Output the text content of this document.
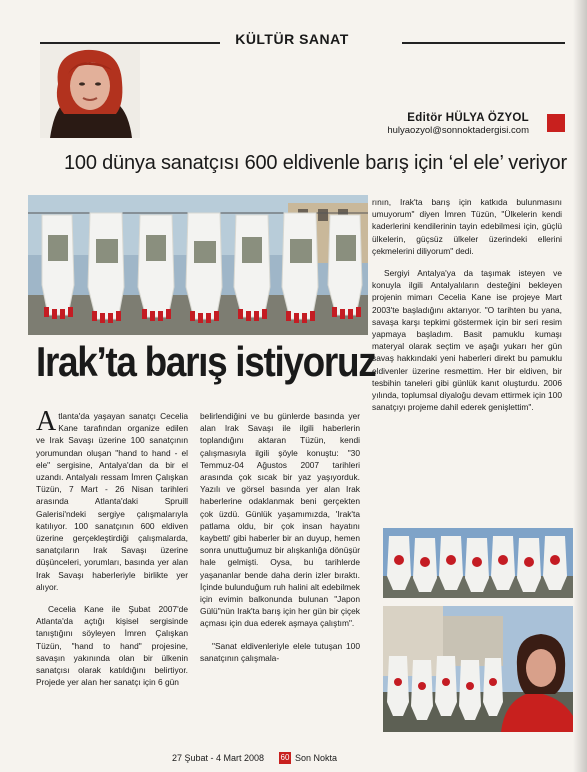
KÜLTÜR SANAT
Editör HÜLYA ÖZYOL
hulyaozyol@sonnoktadergisi.com
100 dünya sanatçısı 600 eldivenle barış için ‘el ele’ veriyor
Irak’ta barış istiyoruz

Atlanta'da yaşayan sanatçı Cecelia Kane tarafından organize edilen ve Irak Savaşı üzerine 100 sanatçının yorumundan oluşan "hand to hand - el ele" sergisine, Antalya'dan da bir el uzandı. Antalyalı ressam İmren Çalışkan Tüzün, 7 Mart - 26 Nisan tarihleri arasında Atlanta'daki Spruill Galerisi'ndeki sergiye çalışmalarıyla katılıyor. 100 sanatçının 600 eldiven üzerine gerçekleştirdiği çalışmalarda, sanatçıların Irak Savaşı üzerine düşünceleri, yorumları, basında yer alan Irak Savaşı haberleriyle birlikte yer alıyor.

Cecelia Kane ile Şubat 2007'de Atlanta'da açtığı kişisel sergisinde tanıştığını söyleyen İmren Çalışkan Tüzün, "hand to hand" projesine, savaşın yakınında olan bir ülkenin sanatçısı olarak katıldığını belirtiyor. Projede yer alan her sanatçı için 6 gün

belirlendiğini ve bu günlerde basında yer alan Irak Savaşı ile ilgili haberlerin toplandığını aktaran Tüzün, kendi çalışmasıyla ilgili şöyle konuştu: "30 Temmuz-04 Ağustos 2007 tarihleri arasında çok sıcak bir yaz yaşıyorduk. Yazılı ve görsel basında yer alan Irak haberlerine odaklanmak beni gerçekten çok üzdü. Günlük yaşamımızda, 'Irak'ta patlama oldu, bir çok insan hayatını kaybetti' gibi haberler bir an duyup, hemen sonra unuttuğumuz bir alışkanlığa dönüşür hale gelmişti. Oysa, bu tarihlerde yaşananlar bende daha derin izler bıraktı. İçinde bulunduğum ruh halini alt edebilmek için evimin balkonunda bulunan "Japon Gülü"nün Irak'ta barış için her gün bir çiçek açması için dua ederek aşmaya çalıştım".

"Sanat eldivenleriyle elele tutuşan 100 sanatçının çalışmala-

rının, Irak'ta barış için katkıda bulunmasını umuyorum" diyen İmren Tüzün, "Ülkelerin kendi kaderlerini kendilerinin tayin edebilmesi için, güçlü ülkelerin, güçsüz ülkeler üzerindeki ellerini çekmelerini diliyorum" dedi.

Sergiyi Antalya'ya da taşımak isteyen ve konuyla ilgili Antalyalıların desteğini bekleyen projenin mimarı Cecelia Kane ise projeye Mart 2003'te başladığını aktarıyor. "O tarihten bu yana, savaşa karşı tepkimi göstermek için bir seri resim yapmaya başladım. Basit pamuklu kumaşı materyal olarak seçtim ve aşağı yukarı her gün savaş hakkındaki yeni haberleri direkt bu pamuklu eldivenler üzerine resmettim. Her bir eldiven, bir tesbihin taneleri gibi günlük kanıt oluşturdu. 2006 yılında, toplumsal diyaloğu devam ettirmek için 100 sanatçıyı projeme dahil ederek genişlettim".

27 Şubat - 4 Mart 2008 60 Son Nokta
